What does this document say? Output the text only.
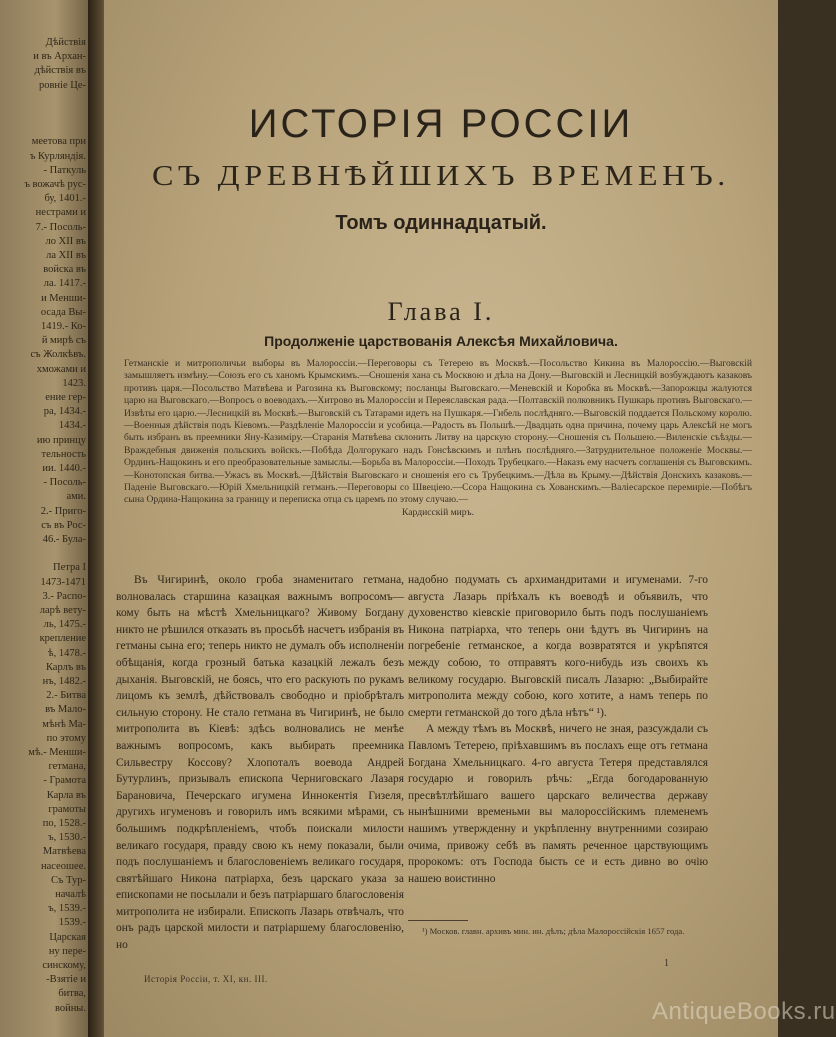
Дѣйствія
и въ Архан-
дѣйствія въ
ровніе Це-
меетова при
ъ Курляндія.
- Паткуль
ъ вожачѣ рус-
бу, 1401.-
нестрами и
7.- Посоль-
ло XII въ
ла XII въ
войска въ
ла. 1417.-
и Менши-
осада Вы-
1419.- Ко-
й мирѣ съ
съ Жолкѣвъ.
хможами и
1423.
ение гер-
ра, 1434.-
1434.-
ию принцу
тельность
ии. 1440.-
- Посоль-
ами.
2.- Приго-
съ въ Рос-
46.- Була-
Петра I
1473-1471
3.- Распо-
ларѣ вету-
ль, 1475.-
крепление
ѣ, 1478.-
Карлъ въ
нъ, 1482.-
2.- Битва
въ Мало-
мѣнѣ Ма-
по этому
мѣ.- Менши-
гетмана,
- Грамота
Карла въ
грамоты
по, 1528.-
ъ, 1530.-
Матвѣева
насеошее.
Съ Тур-
началѣ
ъ, 1539.-
1539.-
Царская
ну пере-
синскому,
-Взятіе и
битва,
войны.
ИСТОРІЯ РОССІИ
СЪ ДРЕВНѢЙШИХЪ ВРЕМЕНЪ.
Томъ одиннадцатый.
Глава I.
Продолженіе царствованія Алексѣя Михайловича.
Гетманскіе и митрополичьи выборы въ Малороссіи.—Переговоры съ Тетерею въ Москвѣ.—Посольство Кикина въ Малороссію.—Выговскій замышляетъ измѣну.—Союзъ его съ ханомъ Крымскимъ.—Сношенія хана съ Москвою и дѣла на Дону.—Выговскій и Лесницкій возбуждаютъ казаковъ противъ царя.—Посольство Матвѣева и Рагозина къ Выговскому; посланцы Выговскаго.—Меневскій и Коробка въ Москвѣ.—Запорожцы жалуются царю на Выговскаго.—Вопросъ о воеводахъ.—Хитрово въ Малороссіи и Переяславская рада.—Полтавскій полковникъ Пушкарь противъ Выговскаго.—Извѣты его царю.—Лесницкій въ Москвѣ.—Выговскій съ Татарами идетъ на Пушкаря.—Гибель послѣдняго.—Выговскій поддается Польскому королю.—Военныя дѣйствія подъ Кіевомъ.—Раздѣленіе Малороссіи и усобица.—Радость въ Польшѣ.—Двадцать одна причина, почему царь Алексѣй не могъ быть избранъ въ преемники Яну-Казиміру.—Старанія Матвѣева склонить Литву на царскую сторону.—Сношенія съ Польшею.—Виленскіе съѣзды.—Враждебныя движенія польскихъ войскъ.—Побѣда Долгорукаго надъ Гонсѣвскимъ и плѣнъ послѣдняго.—Затруднительное положеніе Москвы.—Ординъ-Нащокинъ и его преобразовательные замыслы.—Борьба въ Малороссіи.—Походъ Трубецкаго.—Наказъ ему насчетъ соглашенія съ Выговскимъ.—Конотопская битва.—Ужасъ въ Москвѣ.—Дѣйствія Выговскаго и сношенія его съ Трубецкимъ.—Дѣла въ Крыму.—Дѣйствія Донскихъ казаковъ.—Паденіе Выговскаго.—Юрій Хмельницкій гетманъ.—Переговоры со Швеціею.—Ссора Нащокина съ Хованскимъ.—Валіесарское перемиріе.—Побѣгъ сына Ордина-Нащокина за границу и переписка отца съ царемъ по этому случаю.—
Кардисскій миръ.

Въ Чигиринѣ, около гроба знаменитаго гетмана, волновалась старшина казацкая важнымъ вопросомъ—кому быть на мѣстѣ Хмельницкаго? Живому Богдану никто не рѣшился отказать въ просьбѣ насчетъ избранія въ гетманы сына его; теперь никто не думалъ объ исполненіи обѣщанія, когда грозный батька казацкій лежалъ безъ дыханія. Выговскій, не боясь, что его раскують по рукамъ лицомъ къ землѣ, дѣйствовалъ свободно и пріобрѣталъ сильную сторону. Не стало гетмана въ Чигиринѣ, не было митрополита въ Кіевѣ: здѣсь волновались не менѣе важнымъ вопросомъ, какъ выбирать преемника Сильвестру Коссову? Хлопоталъ воевода Андрей Бутурлинъ, призывалъ епископа Черниговскаго Лазаря Барановича, Печерскаго игумена Иннокентія Гизеля, другихъ игуменовъ и говорилъ имъ всякими мѣрами, съ большимъ подкрѣпленіемъ, чтобъ поискали милости великаго государя, правду свою къ нему показали, были подъ послушаніемъ и благословеніемъ великаго государя, святѣйшаго Никона патріарха, безъ царскаго указа за епископами не посылали и безъ патріаршаго благословенія митрополита не избирали. Епископъ Лазарь отвѣчалъ, что онъ радъ царской милости и патріаршему благословенію, но

надобно подумать съ архимандритами и игуменами. 7-го августа Лазарь пріѣхалъ къ воеводѣ и объявилъ, что духовенство кіевскіе приговорило быть подъ послушаніемъ Никона патріарха, что теперь они ѣдутъ въ Чигиринъ на погребеніе гетманское, а когда возвратятся и укрѣпятся между собою, то отправятъ кого-нибудь изъ своихъ къ великому государю. Выговскій писалъ Лазарю: „Выбирайте митрополита между собою, кого хотите, а намъ теперь по смерти гетманской до того дѣла нѣтъ“ ¹).

А между тѣмъ въ Москвѣ, ничего не зная, разсуждали съ Павломъ Тетерею, пріѣхавшимъ въ послахъ еще отъ гетмана Богдана Хмельницкаго. 4-го августа Тетеря представлялся государю и говорилъ рѣчь: „Егда богодарованную пресвѣтлѣйшаго вашего царскаго величества державу нынѣшними временьми вы малороссійскимъ племенемъ нашимъ утвержденну и укрѣпленну внутренними созираю очима, привожу себѣ въ память реченное царствующимъ пророкомъ: отъ Господа бысть се и есть дивно во очію нашею воистинно

¹) Москов. главн. архивъ мин. ин. дѣлъ; дѣла Малороссійскія 1657 года.
1
Исторія Россіи, т. XI, кн. III.
AntiqueBooks.ru
